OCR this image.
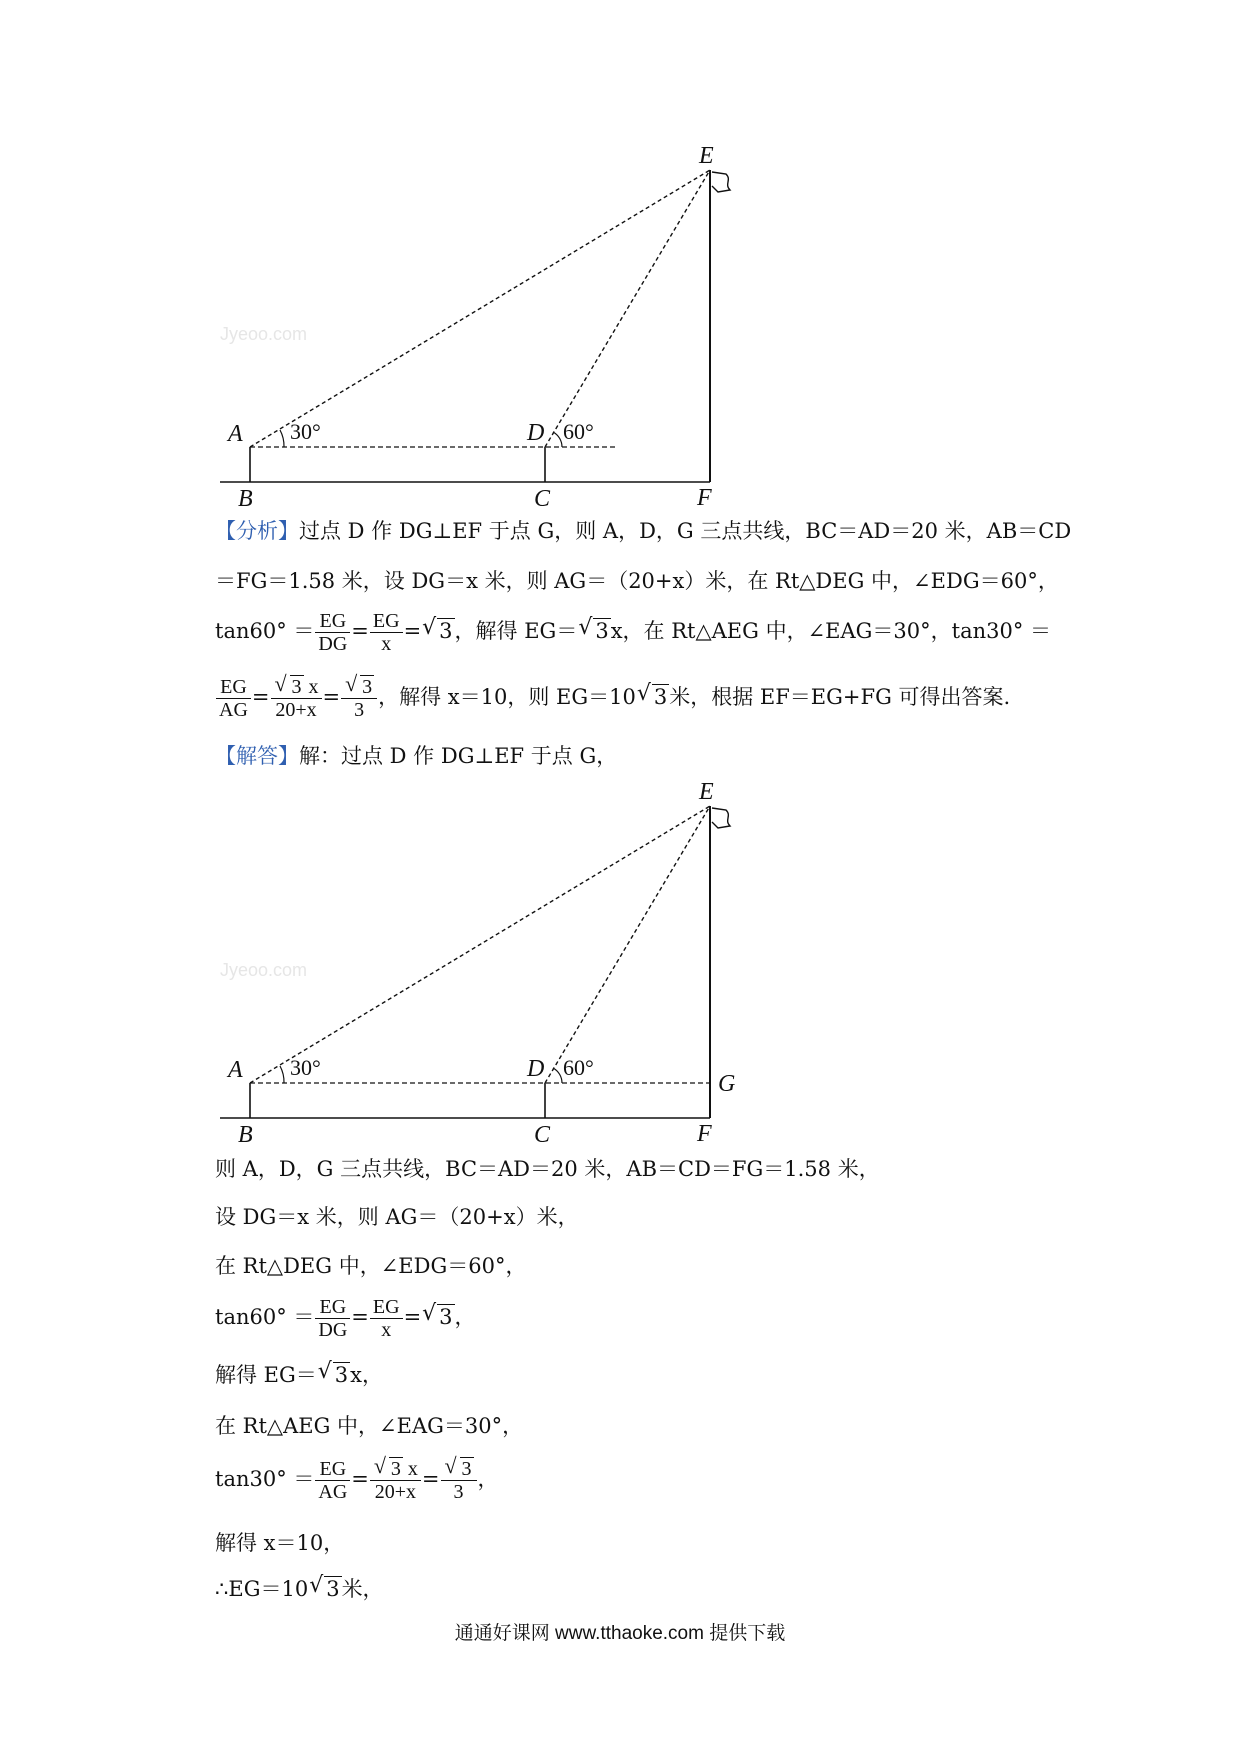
Jyeoo.com
30°	60°
E
A	D
B	C	F
【分析】过点 D 作 DG⊥EF 于点 G，则 A，D，G 三点共线，BC＝AD＝20 米，AB＝CD
＝FG＝1.58 米，设 DG＝x 米，则 AG＝（20+x）米，在 Rt△DEG 中，∠EDG＝60°，
$\tan 60^\circ = \frac{EG}{DG} = \frac{EG}{x}$ = √ 3，解得 EG＝ √ 3x，在 Rt△AEG 中，∠EAG＝30°，tan30° ＝
$\frac{EG}{AG}$ = √ $\frac{3 x}{20+x}$ = √ $\frac{3}{3}$ ，解得 x＝10，则 EG＝10 √ 3米，根据 EF＝EG+FG 可得出答案.
【解答】解：过点 D 作 DG⊥EF 于点 G，
Jyeoo.com
30°	60°
E
A	D
G
B	C	F
则 A，D，G 三点共线，BC＝AD＝20 米，AB＝CD＝FG＝1.58 米，
设 DG＝x 米，则 AG＝（20+x）米，
在 Rt△DEG 中，∠EDG＝60°，
$\tan 60^\circ = \frac{EG}{DG} = \frac{EG}{x}$ = √ 3，
解得 EG＝ √ 3x，
在 Rt△AEG 中，∠EAG＝30°，
$\tan 30^\circ = \frac{EG}{AG}$ = √ $\frac{3 x}{20+x}$ = √ $\frac{3}{3}$ ，
解得 x＝10，
∴EG＝10 √ 3米，
通通好课网 www.tthaoke.com 提供下载
